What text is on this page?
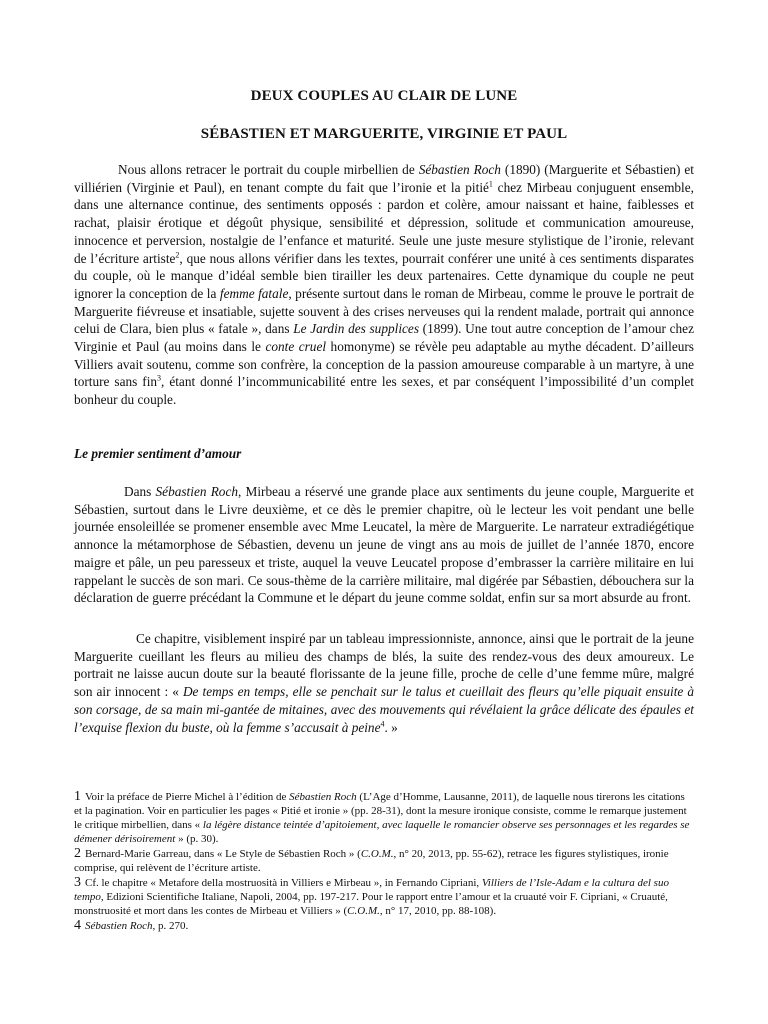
DEUX COUPLES AU CLAIR DE LUNE
SÉBASTIEN ET MARGUERITE, VIRGINIE ET PAUL

Nous allons retracer le portrait du couple mirbellien de Sébastien Roch (1890) (Marguerite et Sébastien) et villiérien (Virginie et Paul), en tenant compte du fait que l’ironie et la pitié$^1$ chez Mirbeau conjuguent ensemble, dans une alternance continue, des sentiments opposés : pardon et colère, amour naissant et haine, faiblesses et rachat, plaisir érotique et dégoût physique, sensibilité et dépression, solitude et communication amoureuse, innocence et perversion, nostalgie de l’enfance et maturité. Seule une juste mesure stylistique de l’ironie, relevant de l’écriture artiste$^2$, que nous allons vérifier dans les textes, pourrait conférer une unité à ces sentiments disparates du couple, où le manque d’idéal semble bien tirailler les deux partenaires. Cette dynamique du couple ne peut ignorer la conception de la femme fatale, présente surtout dans le roman de Mirbeau, comme le prouve le portrait de Marguerite fiévreuse et insatiable, sujette souvent à des crises nerveuses qui la rendent malade, portrait qui annonce celui de Clara, bien plus « fatale », dans Le Jardin des supplices (1899). Une tout autre conception de l’amour chez Virginie et Paul (au moins dans le conte cruel homonyme) se révèle peu adaptable au mythe décadent. D’ailleurs Villiers avait soutenu, comme son confrère, la conception de la passion amoureuse comparable à un martyre, à une torture sans fin$^3$, étant donné l’incommunicabilité entre les sexes, et par conséquent l’impossibilité d’un complet bonheur du couple.

Le premier sentiment d’amour

Dans Sébastien Roch, Mirbeau a réservé une grande place aux sentiments du jeune couple, Marguerite et Sébastien, surtout dans le Livre deuxième, et ce dès le premier chapitre, où le lecteur les voit pendant une belle journée ensoleillée se promener ensemble avec Mme Leucatel, la mère de Marguerite. Le narrateur extradiégétique annonce la métamorphose de Sébastien, devenu un jeune de vingt ans au mois de juillet de l’année 1870, encore maigre et pâle, un peu paresseux et triste, auquel la veuve Leucatel propose d’embrasser la carrière militaire en lui rappelant le succès de son mari. Ce sous-thème de la carrière militaire, mal digérée par Sébastien, débouchera sur la déclaration de guerre précédant la Commune et le départ du jeune comme soldat, enfin sur sa mort absurde au front.

Ce chapitre, visiblement inspiré par un tableau impressionniste, annonce, ainsi que le portrait de la jeune Marguerite cueillant les fleurs au milieu des champs de blés, la suite des rendez-vous des deux amoureux. Le portrait ne laisse aucun doute sur la beauté florissante de la jeune fille, proche de celle d’une femme mûre, malgré son air innocent : « De temps en temps, elle se penchait sur le talus et cueillait des fleurs qu’elle piquait ensuite à son corsage, de sa main mi-gantée de mitaines, avec des mouvements qui révélaient la grâce délicate des épaules et l’exquise flexion du buste, où la femme s’accusait à peine$^4$. »

1 Voir la préface de Pierre Michel à l’édition de Sébastien Roch (L’Age d’Homme, Lausanne, 2011), de laquelle nous tirerons les citations et la pagination. Voir en particulier les pages « Pitié et ironie » (pp. 28-31), dont la mesure ironique consiste, comme le remarque justement le critique mirbellien, dans « la légère distance teintée d’apitoiement, avec laquelle le romancier observe ses personnages et les regardes se démener dérisoirement » (p. 30).

2 Bernard-Marie Garreau, dans « Le Style de Sébastien Roch » (C.O.M., n° 20, 2013, pp. 55-62), retrace les figures stylistiques, ironie comprise, qui relèvent de l’écriture artiste.

3 Cf. le chapitre « Metafore della mostruosità in Villiers e Mirbeau », in Fernando Cipriani, Villiers de l’Isle-Adam e la cultura del suo tempo, Edizioni Scientifiche Italiane, Napoli, 2004, pp. 197-217. Pour le rapport entre l’amour et la cruauté voir F. Cipriani, « Cruauté, monstruosité et mort dans les contes de Mirbeau et Villiers » (C.O.M., n° 17, 2010, pp. 88-108).

4 Sébastien Roch, p. 270.
